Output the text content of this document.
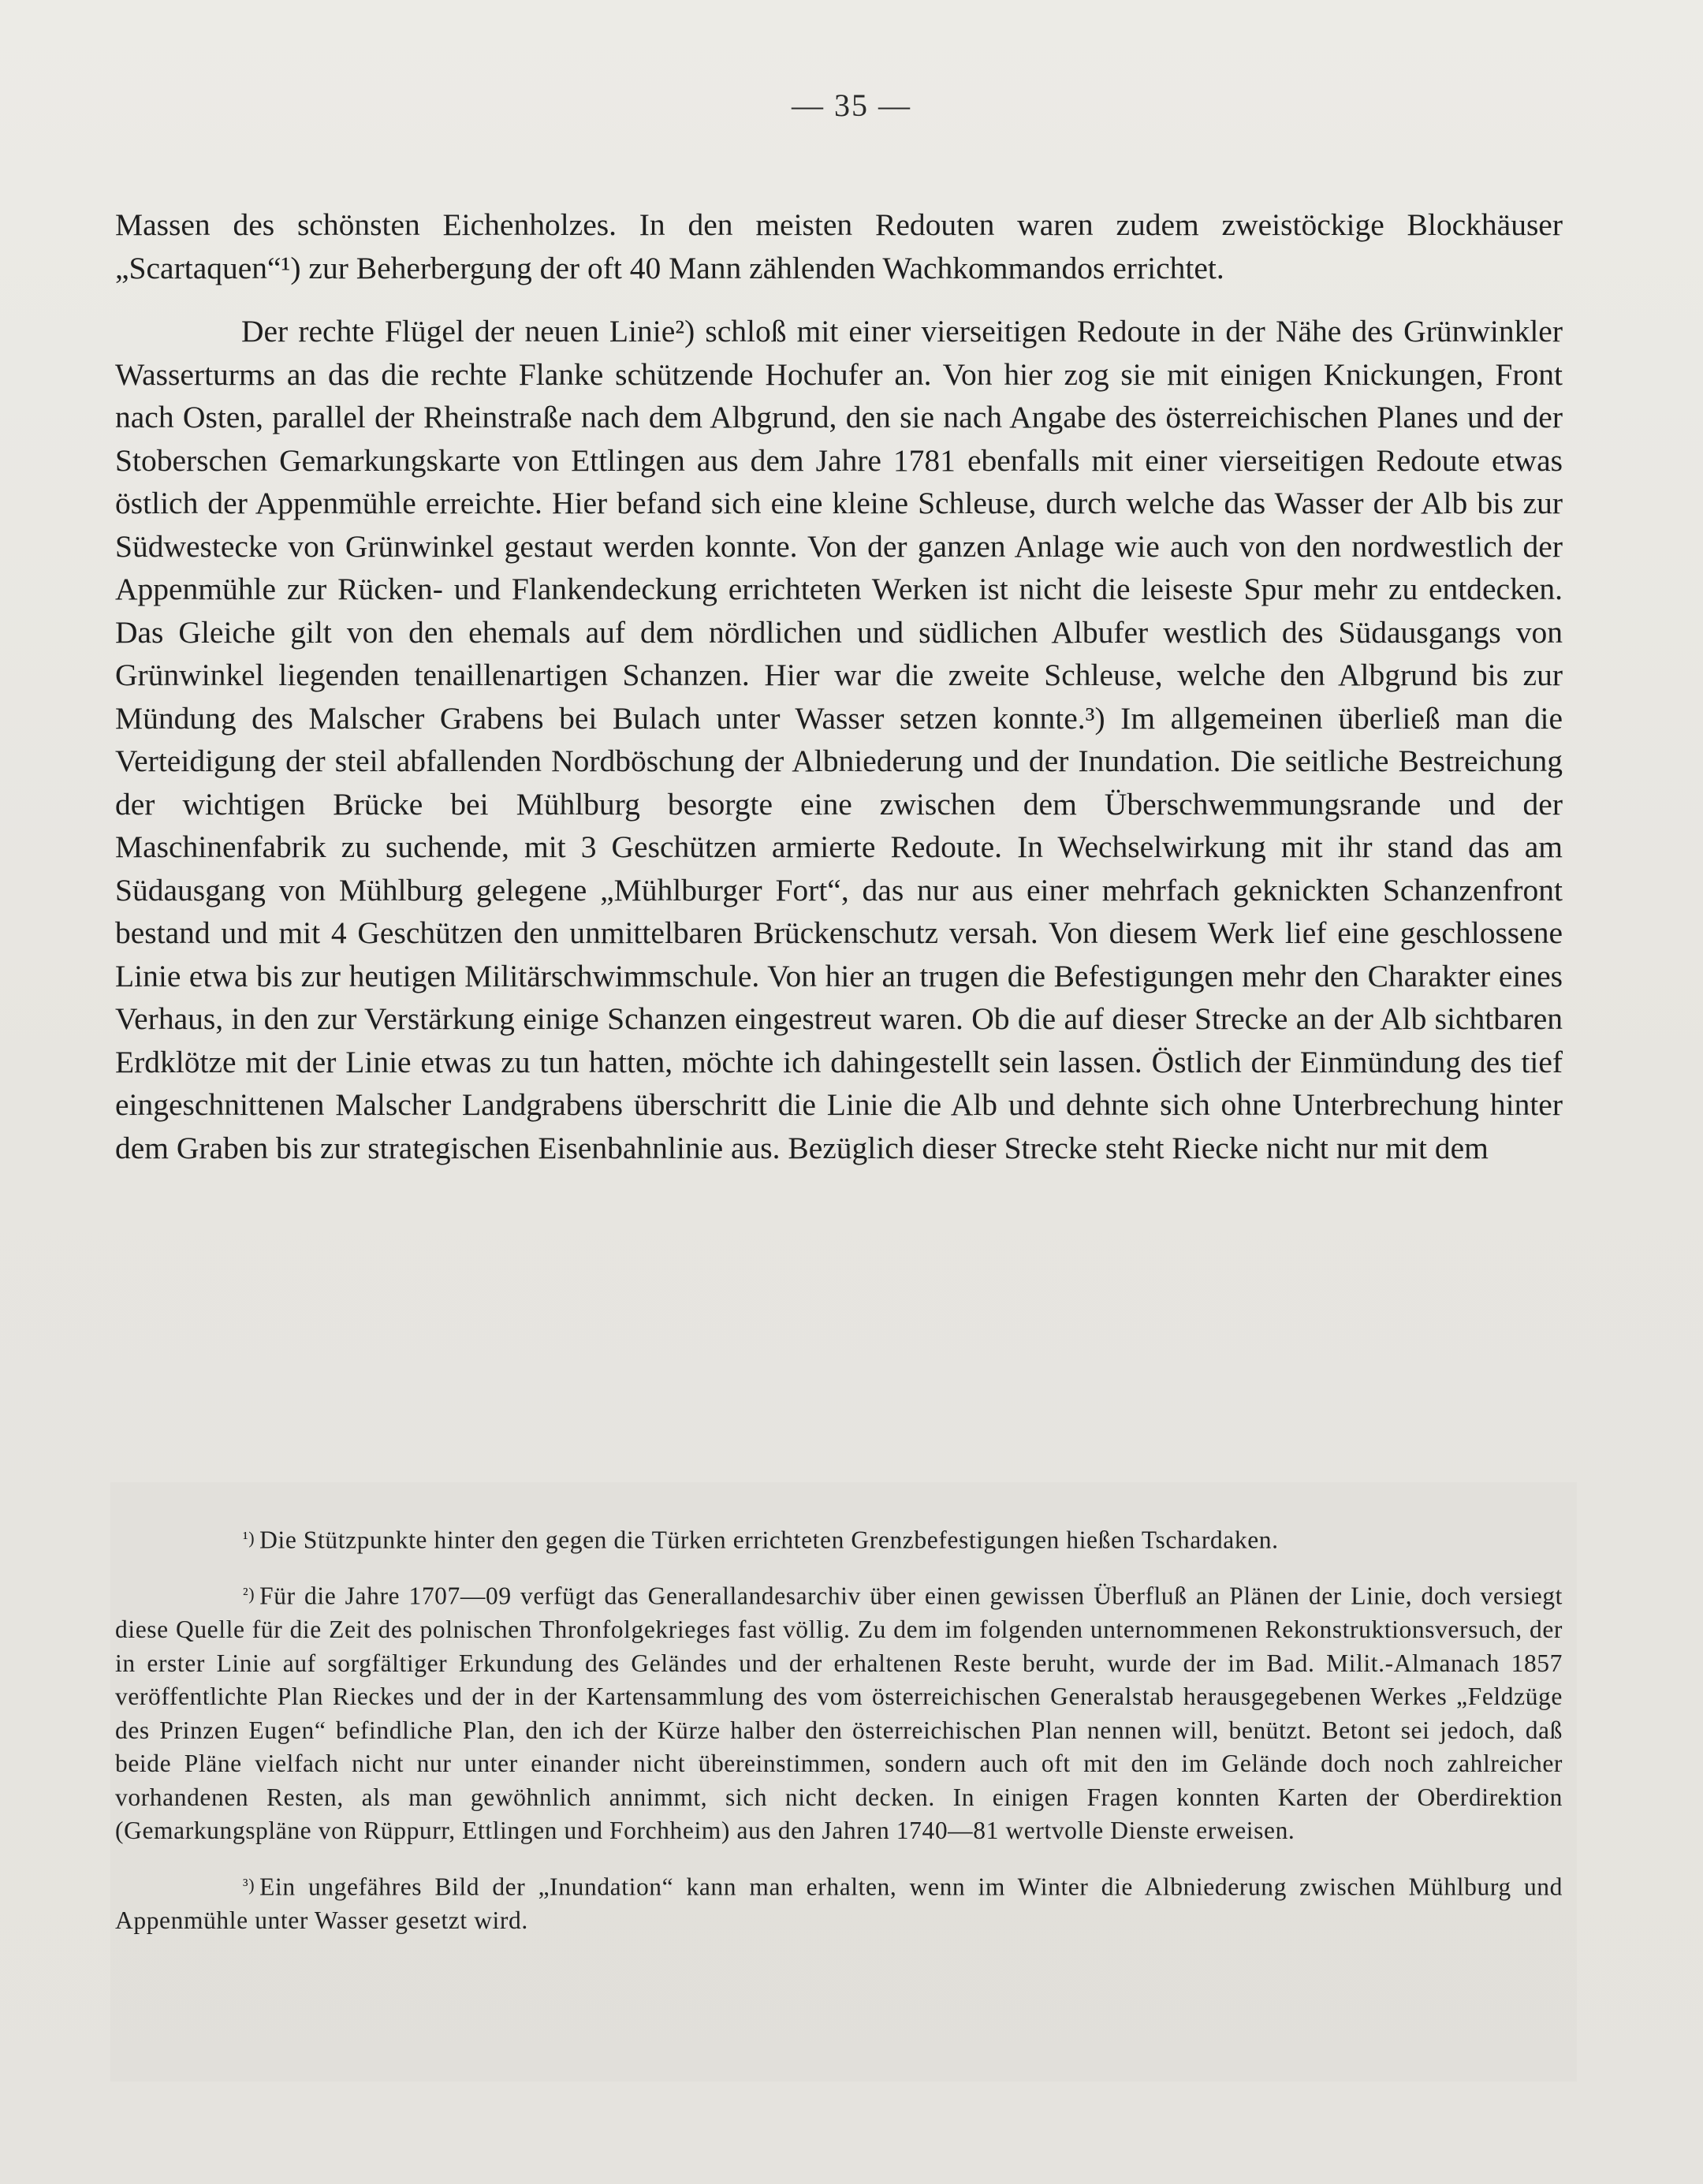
— 35 —

Massen des schönsten Eichenholzes. In den meisten Redouten waren zudem zweistöckige Blockhäuser „Scartaquen“¹) zur Beherbergung der oft 40 Mann zählenden Wachkommandos errichtet.

Der rechte Flügel der neuen Linie²) schloß mit einer vierseitigen Redoute in der Nähe des Grünwinkler Wasserturms an das die rechte Flanke schützende Hochufer an. Von hier zog sie mit einigen Knickungen, Front nach Osten, parallel der Rheinstraße nach dem Albgrund, den sie nach Angabe des österreichischen Planes und der Stoberschen Gemarkungskarte von Ettlingen aus dem Jahre 1781 ebenfalls mit einer vierseitigen Redoute etwas östlich der Appenmühle erreichte. Hier befand sich eine kleine Schleuse, durch welche das Wasser der Alb bis zur Südwestecke von Grünwinkel gestaut werden konnte. Von der ganzen Anlage wie auch von den nordwestlich der Appenmühle zur Rücken- und Flankendeckung errichteten Werken ist nicht die leiseste Spur mehr zu entdecken. Das Gleiche gilt von den ehemals auf dem nördlichen und südlichen Albufer westlich des Südausgangs von Grünwinkel liegenden tenaillenartigen Schanzen. Hier war die zweite Schleuse, welche den Albgrund bis zur Mündung des Malscher Grabens bei Bulach unter Wasser setzen konnte.³) Im allgemeinen überließ man die Verteidigung der steil abfallenden Nordböschung der Albniederung und der Inundation. Die seitliche Bestreichung der wichtigen Brücke bei Mühlburg besorgte eine zwischen dem Überschwemmungsrande und der Maschinenfabrik zu suchende, mit 3 Geschützen armierte Redoute. In Wechselwirkung mit ihr stand das am Südausgang von Mühlburg gelegene „Mühlburger Fort“, das nur aus einer mehrfach geknickten Schanzenfront bestand und mit 4 Geschützen den unmittelbaren Brückenschutz versah. Von diesem Werk lief eine geschlossene Linie etwa bis zur heutigen Militärschwimmschule. Von hier an trugen die Befestigungen mehr den Charakter eines Verhaus, in den zur Verstärkung einige Schanzen eingestreut waren. Ob die auf dieser Strecke an der Alb sichtbaren Erdklötze mit der Linie etwas zu tun hatten, möchte ich dahingestellt sein lassen. Östlich der Einmündung des tief eingeschnittenen Malscher Landgrabens überschritt die Linie die Alb und dehnte sich ohne Unterbrechung hinter dem Graben bis zur strategischen Eisenbahnlinie aus. Bezüglich dieser Strecke steht Riecke nicht nur mit dem

¹) Die Stützpunkte hinter den gegen die Türken errichteten Grenzbefestigungen hießen Tschardaken.

²) Für die Jahre 1707—09 verfügt das Generallandesarchiv über einen gewissen Überfluß an Plänen der Linie, doch versiegt diese Quelle für die Zeit des polnischen Thronfolgekrieges fast völlig. Zu dem im folgenden unternommenen Rekonstruktionsversuch, der in erster Linie auf sorgfältiger Erkundung des Geländes und der erhaltenen Reste beruht, wurde der im Bad. Milit.-Almanach 1857 veröffentlichte Plan Rieckes und der in der Kartensammlung des vom österreichischen Generalstab herausgegebenen Werkes „Feldzüge des Prinzen Eugen“ befindliche Plan, den ich der Kürze halber den österreichischen Plan nennen will, benützt. Betont sei jedoch, daß beide Pläne vielfach nicht nur unter einander nicht übereinstimmen, sondern auch oft mit den im Gelände doch noch zahlreicher vorhandenen Resten, als man gewöhnlich annimmt, sich nicht decken. In einigen Fragen konnten Karten der Oberdirektion (Gemarkungspläne von Rüppurr, Ettlingen und Forchheim) aus den Jahren 1740—81 wertvolle Dienste erweisen.

³) Ein ungefähres Bild der „Inundation“ kann man erhalten, wenn im Winter die Albniederung zwischen Mühlburg und Appenmühle unter Wasser gesetzt wird.
